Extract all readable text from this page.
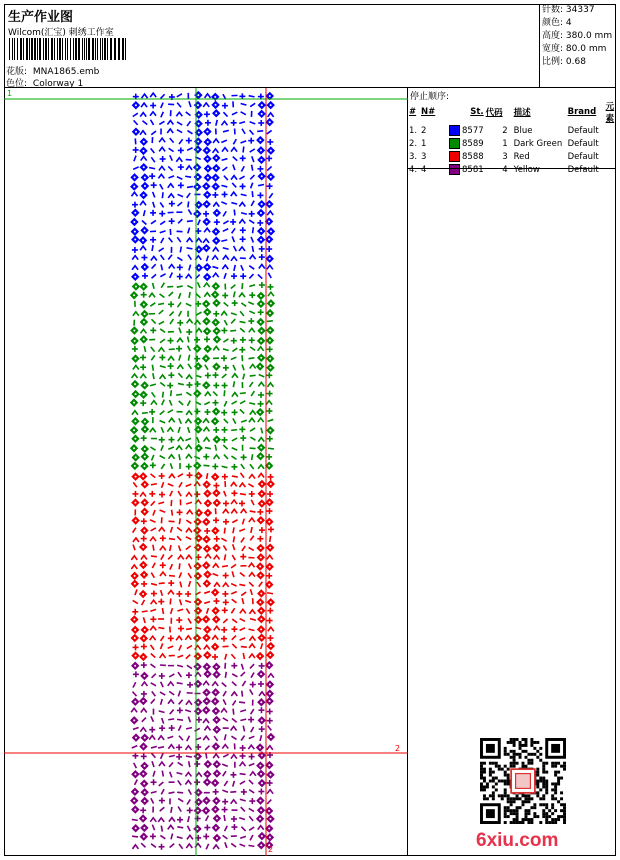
生产作业图
Wilcom(汇宝) 刺绣工作室
花版: MNA1865.emb
色位: Colorway 1
针数: 34337
颜色: 4
高度: 380.0 mm
宽度: 80.0 mm
比例: 0.68
1
2
2
停止顺序:
#	N#	St.	代码	描述	Brand	元素
1.	2	8577	2	Blue	Default	
2.	1	8589	1	Dark Green	Default	
3.	3	8588	3	Red	Default	
4.	4	8581	4	Yellow	Default	
6xiu.com
